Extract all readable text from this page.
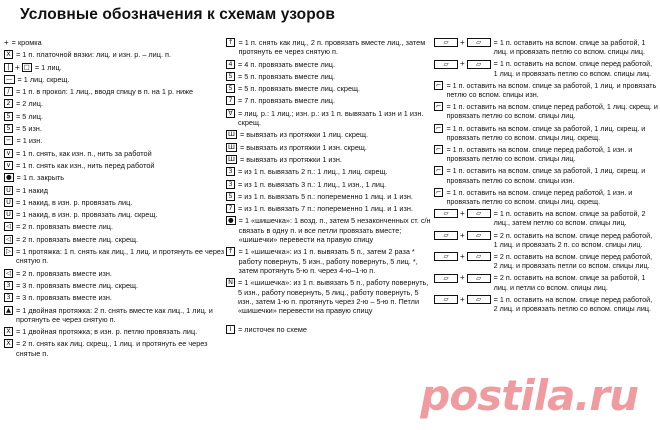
Условные обозначения к схемам узоров
+ = кромка
X = 1 п. платочной вязки: лиц. и изн. р. – лиц. п.
| + □ = 1 лиц.
— = 1 лиц. скрещ.
∕ = 1 п. в прокол: 1 лиц., вводя спицу в п. на 1 р. ниже
2 = 2 лиц.
5 = 5 лиц.
5 = 5 изн.
− = 1 изн.
∨ = 1 п. снять, как изн. п., нить за работой
∨ = 1 п. снять как изн., нить перед работой
● = 1 п. закрыть
U = 1 накид
U = 1 накид, в изн. р. провязать лиц.
U = 1 накид, в изн. р. провязать лиц. скрещ.
◁ = 2 п. провязать вместе лиц.
◁ = 2 п. провязать вместе лиц. скрещ.
▷ = 1 протяжка: 1 п. снять как лиц., 1 лиц. и протянуть ее через снятую п.
◁ = 2 п. провязать вместе изн.
3 = 3 п. провязать вместе лиц. скрещ.
3 = 3 п. провязать вместе изн.
▲ = 1 двойная протяжка: 2 п. снять вместе как лиц., 1 лиц. и протянуть ее через снятую п.
Ⅹ = 1 двойная протяжка; в изн. р. петлю провязать лиц.
Ⅹ = 2 п. снять как лиц. скрещ., 1 лиц. и протянуть ее через снятые п.
↑ = 1 п. снять как лиц., 2 п. провязать вместе лиц., затем протянуть ее через снятую п.
4 = 4 п. провязать вместе лиц.
5 = 5 п. провязать вместе лиц.
5 = 5 п. провязать вместе лиц. скрещ.
7 = 7 п. провязать вместе лиц.
∀ = лиц. р.: 1 лиц.; изн. р.: из 1 п. вывязать 1 изн и 1 изн. скрещ.
Ш = вывязать из протяжки 1 лиц. скрещ.
Ш = вывязать из протяжки 1 изн. скрещ.
Ш = вывязать из протяжки 1 изн.
3 = из 1 п. вывязать 2 п.: 1 лиц., 1 лиц. скрещ.
3 = из 1 п. вывязать 3 п.: 1 лиц., 1 изн., 1 лиц.
5 = из 1 п. вывязать 5 п.: попеременно 1 лиц. и 1 изн.
7 = из 1 п. вывязать 7 п.: попеременно 1 лиц. и 1 изн.
● = 1 «шишечка»: 1 возд. п., затем 5 незаконченных ст. с/н связать в одну п. и все петли провязать вместе; «шишечки» перевести на правую спицу
↑ = 1 «шишечка»: из 1 п. вывязать 5 п., затем 2 раза * работу повернуть, 5 изн., работу повернуть, 5 лиц. *, затем протянуть 5-ю п. через 4-ю–1-ю п.
N = 1 «шишечка»: из 1 п. вывязать 5 п., работу повернуть, 5 изн., работу повернуть, 5 лиц., работу повернуть, 5 изн., затем 1-ю п. протянуть через 2-ю – 5-ю п. Петли «шишечки» перевести на правую спицу
I = листочек по схеме
▱	+	▱	= 1 п. оставить на вспом. спице за работой, 1 лиц. и провязать петлю со вспом. спицы лиц.
▱	+	▱	= 1 п. оставить на вспом. спице перед работой, 1 лиц. и провязать петлю со вспом. спицы лиц.
⌐ = 1 п. оставить на вспом. спице за работой, 1 лиц. и провязать петлю со вспом. спицы изн.
⌐ = 1 п. оставить на вспом. спице перед работой, 1 лиц. скрещ. и провязать петлю со вспом. спицы лиц.
⌐ = 1 п. оставить на вспом. спице за работой, 1 лиц. скрещ. и провязать петлю со вспом. спицы лиц. скрещ.
⌐ = 1 п. оставить на вспом. спице перед работой, 1 изн. и провязать петлю со вспом. спицы лиц.
⌐ = 1 п. оставить на вспом. спице за работой, 1 лиц. скрещ. и провязать петлю со вспом. спицы изн.
⌐ = 1 п. оставить на вспом. спице перед работой, 1 изн. и провязать петлю со вспом. спицы лиц. скрещ.
▱	+	▱	= 1 п. оставить на вспом. спице за работой, 2 лиц., затем петлю со вспом. спицы лиц.
▱	+	▱	= 2 п. оставить на вспом. спице перед работой, 1 лиц. и провязать 2 п. со вспом. спицы лиц.
▱	+	▱	= 2 п. оставить на вспом. спице перед работой, 2 лиц. и провязать петли со вспом. спицы лиц.
▱	+	▱	= 2 п. оставить на вспом. спице за работой, 1 лиц. и петли со вспом. спицы лиц.
▱	+	▱	= 1 п. оставить на вспом. спице перед работой, 2 лиц. и провязать петлю со вспом. спицы лиц.
postila.ru
